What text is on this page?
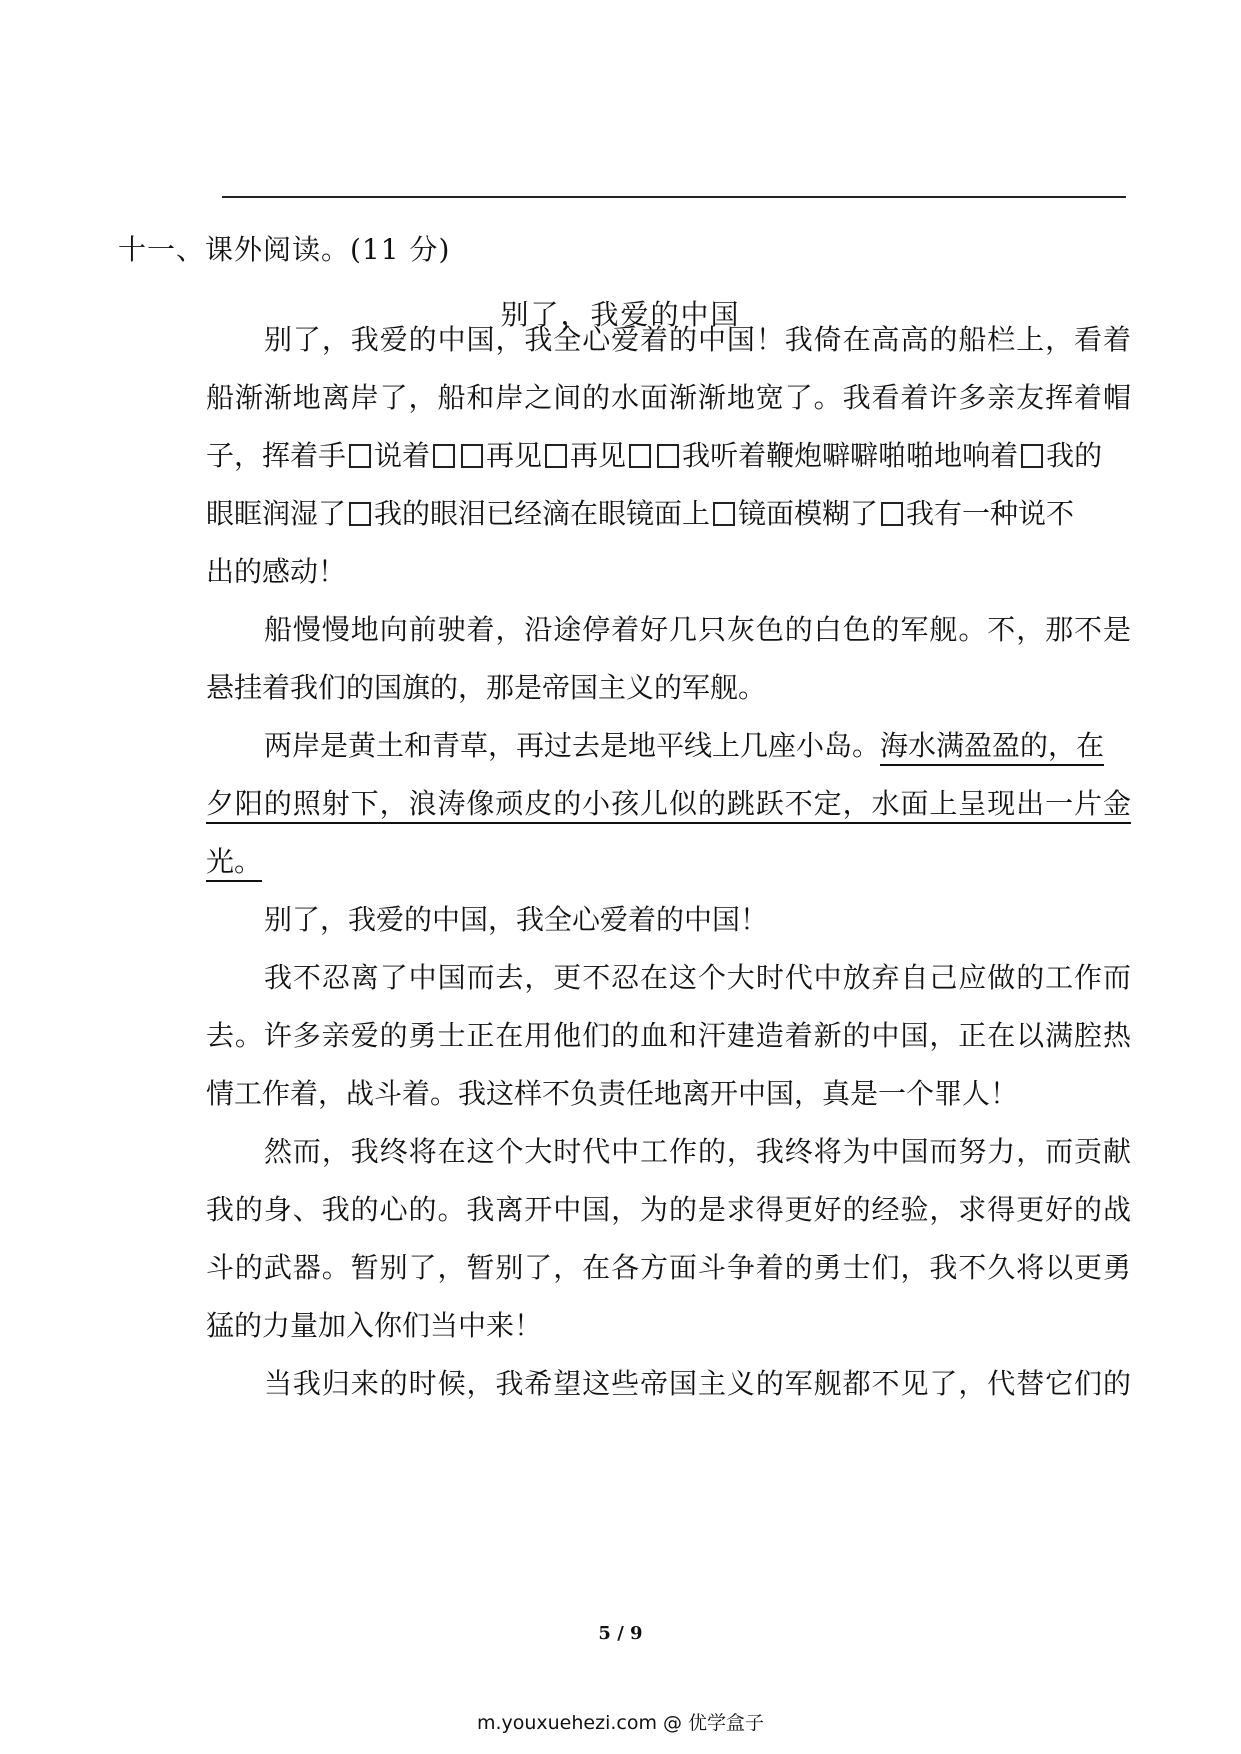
十一、课外阅读。(11 分)
别了，我爱的中国
别了，我爱的中国，我全心爱着的中国！我倚在高高的船栏上，看着
船渐渐地离岸了，船和岸之间的水面渐渐地宽了。我看着许多亲友挥着帽
子，挥着手 说着 再见 再见 我听着鞭炮噼噼啪啪地响着 我的
眼眶润湿了 我的眼泪已经滴在眼镜面上 镜面模糊了 我有一种说不
出的感动！
船慢慢地向前驶着，沿途停着好几只灰色的白色的军舰。不，那不是
悬挂着我们的国旗的，那是帝国主义的军舰。
两岸是黄土和青草，再过去是地平线上几座小岛。海水满盈盈的，在
夕阳的照射下，浪涛像顽皮的小孩儿似的跳跃不定，水面上呈现出一片金
光。
别了，我爱的中国，我全心爱着的中国！
我不忍离了中国而去，更不忍在这个大时代中放弃自己应做的工作而
去。许多亲爱的勇士正在用他们的血和汗建造着新的中国，正在以满腔热
情工作着，战斗着。我这样不负责任地离开中国，真是一个罪人！
然而，我终将在这个大时代中工作的，我终将为中国而努力，而贡献
我的身、我的心的。我离开中国，为的是求得更好的经验，求得更好的战
斗的武器。暂别了，暂别了，在各方面斗争着的勇士们，我不久将以更勇
猛的力量加入你们当中来！
当我归来的时候，我希望这些帝国主义的军舰都不见了，代替它们的
5 / 9
m.youxuehezi.com @ 优学盒子
